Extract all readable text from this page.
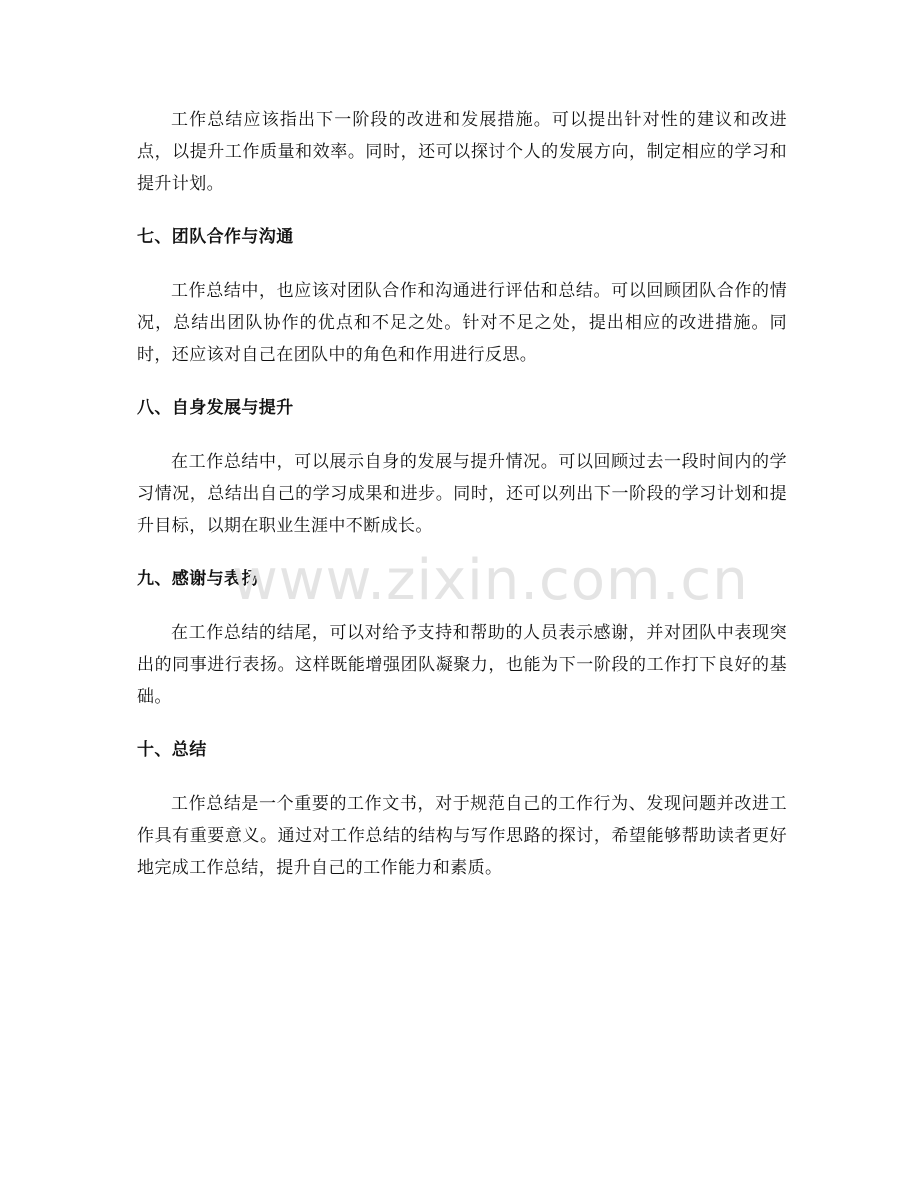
工作总结应该指出下一阶段的改进和发展措施。可以提出针对性的建议和改进点，以提升工作质量和效率。同时，还可以探讨个人的发展方向，制定相应的学习和提升计划。

七、团队合作与沟通

工作总结中，也应该对团队合作和沟通进行评估和总结。可以回顾团队合作的情况，总结出团队协作的优点和不足之处。针对不足之处，提出相应的改进措施。同时，还应该对自己在团队中的角色和作用进行反思。

八、自身发展与提升

在工作总结中，可以展示自身的发展与提升情况。可以回顾过去一段时间内的学习情况，总结出自己的学习成果和进步。同时，还可以列出下一阶段的学习计划和提升目标，以期在职业生涯中不断成长。

九、感谢与表扬

在工作总结的结尾，可以对给予支持和帮助的人员表示感谢，并对团队中表现突出的同事进行表扬。这样既能增强团队凝聚力，也能为下一阶段的工作打下良好的基础。

十、总结

工作总结是一个重要的工作文书，对于规范自己的工作行为、发现问题并改进工作具有重要意义。通过对工作总结的结构与写作思路的探讨，希望能够帮助读者更好地完成工作总结，提升自己的工作能力和素质。

www.zixin.com.cn
